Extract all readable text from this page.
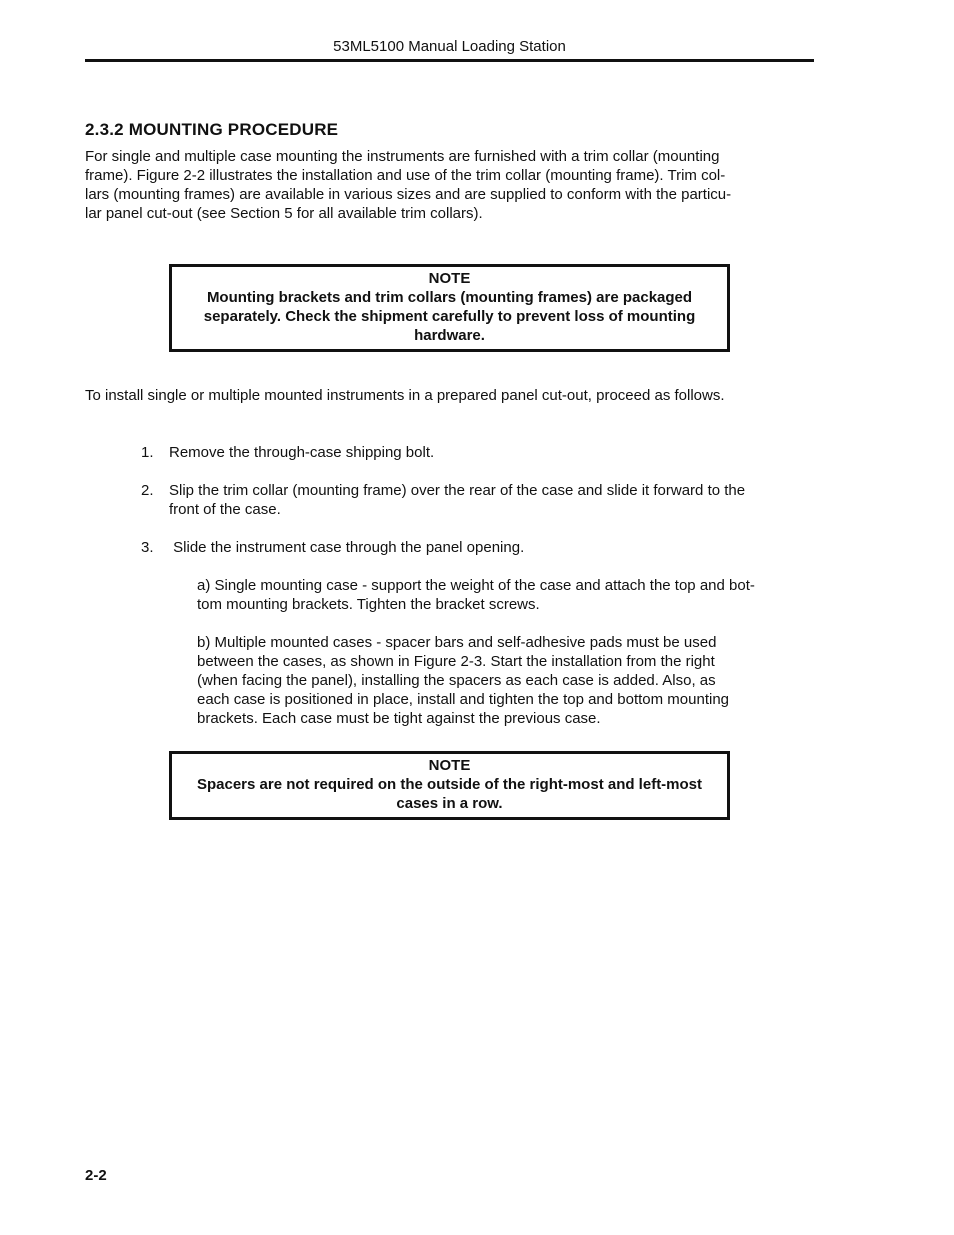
53ML5100 Manual Loading Station
2.3.2 MOUNTING PROCEDURE
For single and multiple case mounting the instruments are furnished with a trim collar (mounting
frame). Figure 2-2 illustrates the installation and use of the trim collar (mounting frame). Trim col-
lars (mounting frames) are available in various sizes and are supplied to conform with the particu-
lar panel cut-out (see Section 5 for all available trim collars).
NOTE
Mounting brackets and trim collars (mounting frames) are packaged
separately. Check the shipment carefully to prevent loss of mounting
hardware.

To install single or multiple mounted instruments in a prepared panel cut-out, proceed as follows.

1. Remove the through-case shipping bolt.
2. Slip the trim collar (mounting frame) over the rear of the case and slide it forward to the
front of the case.
3. Slide the instrument case through the panel opening.
a) Single mounting case - support the weight of the case and attach the top and bot-
tom mounting brackets. Tighten the bracket screws.
b) Multiple mounted cases - spacer bars and self-adhesive pads must be used
between the cases, as shown in Figure 2-3. Start the installation from the right
(when facing the panel), installing the spacers as each case is added. Also, as
each case is positioned in place, install and tighten the top and bottom mounting
brackets. Each case must be tight against the previous case.
NOTE
Spacers are not required on the outside of the right-most and left-most
cases in a row.
2-2
